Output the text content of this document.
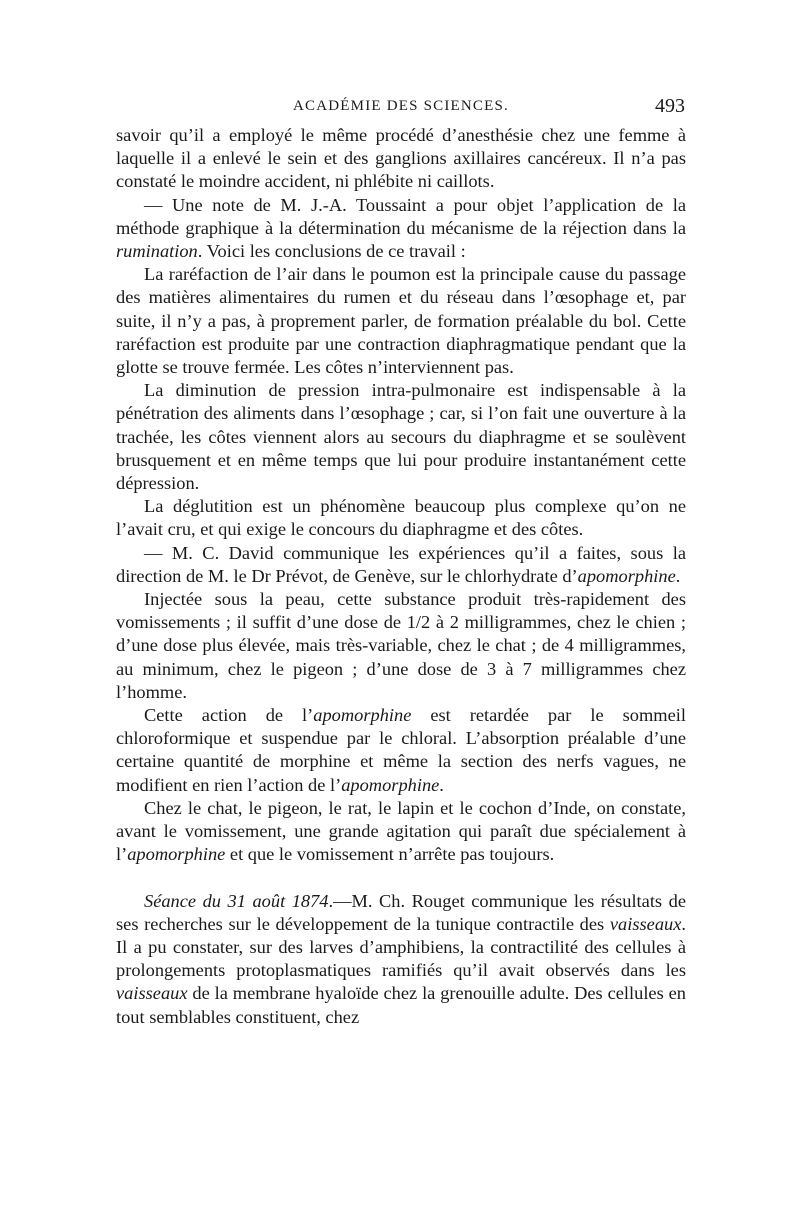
ACADÉMIE DES SCIENCES.	493

savoir qu’il a employé le même procédé d’anesthésie chez une femme à laquelle il a enlevé le sein et des ganglions axillaires cancéreux. Il n’a pas constaté le moindre accident, ni phlébite ni caillots.

— Une note de M. J.-A. Toussaint a pour objet l’application de la méthode graphique à la détermination du mécanisme de la réjection dans la rumination. Voici les conclusions de ce travail :

La raréfaction de l’air dans le poumon est la principale cause du passage des matières alimentaires du rumen et du réseau dans l’œsophage et, par suite, il n’y a pas, à proprement parler, de formation préalable du bol. Cette raréfaction est produite par une contraction diaphragmatique pendant que la glotte se trouve fermée. Les côtes n’interviennent pas.

La diminution de pression intra-pulmonaire est indispensable à la pénétration des aliments dans l’œsophage ; car, si l’on fait une ouverture à la trachée, les côtes viennent alors au secours du diaphragme et se soulèvent brusquement et en même temps que lui pour produire instantanément cette dépression.

La déglutition est un phénomène beaucoup plus complexe qu’on ne l’avait cru, et qui exige le concours du diaphragme et des côtes.

— M. C. David communique les expériences qu’il a faites, sous la direction de M. le Dr Prévot, de Genève, sur le chlorhydrate d’apomorphine.

Injectée sous la peau, cette substance produit très-rapidement des vomissements ; il suffit d’une dose de 1/2 à 2 milligrammes, chez le chien ; d’une dose plus élevée, mais très-variable, chez le chat ; de 4 milligrammes, au minimum, chez le pigeon ; d’une dose de 3 à 7 milligrammes chez l’homme.

Cette action de l’apomorphine est retardée par le sommeil chloroformique et suspendue par le chloral. L’absorption préalable d’une certaine quantité de morphine et même la section des nerfs vagues, ne modifient en rien l’action de l’apomorphine.

Chez le chat, le pigeon, le rat, le lapin et le cochon d’Inde, on constate, avant le vomissement, une grande agitation qui paraît due spécialement à l’apomorphine et que le vomissement n’arrête pas toujours.

Séance du 31 août 1874.—M. Ch. Rouget communique les résultats de ses recherches sur le développement de la tunique contractile des vaisseaux. Il a pu constater, sur des larves d’amphibiens, la contractilité des cellules à prolongements protoplasmatiques ramifiés qu’il avait observés dans les vaisseaux de la membrane hyaloïde chez la grenouille adulte. Des cellules en tout semblables constituent, chez
